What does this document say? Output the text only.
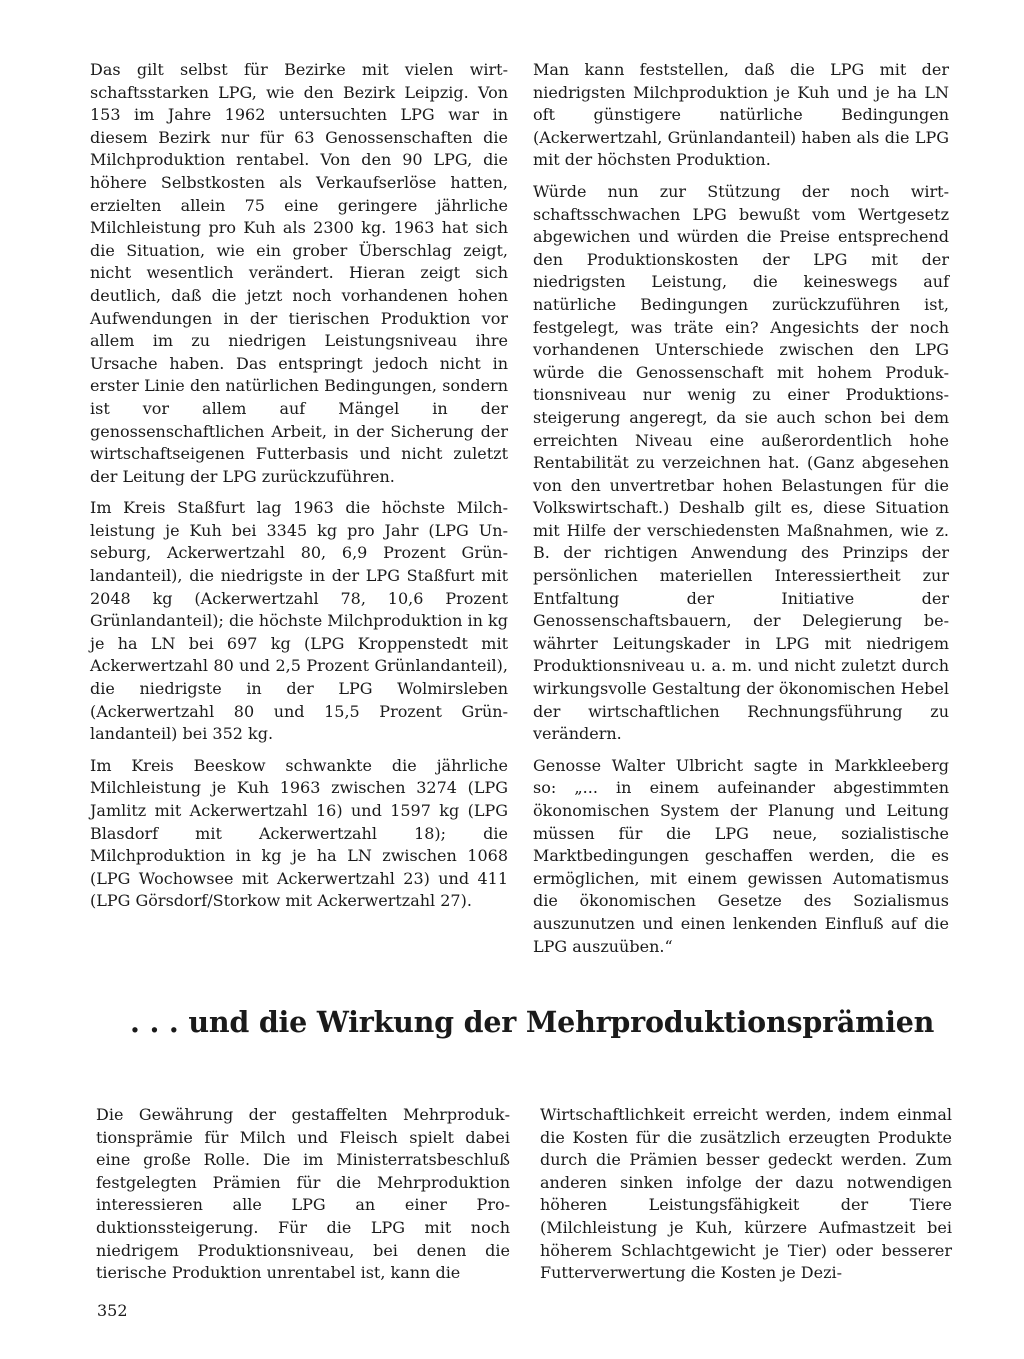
Das gilt selbst für Bezirke mit vielen wirtschaftsstarken LPG, wie den Bezirk Leipzig. Von 153 im Jahre 1962 untersuchten LPG war in diesem Bezirk nur für 63 Genossenschaften die Milchproduktion rentabel. Von den 90 LPG, die höhere Selbstkosten als Verkaufserlöse hatten, erzielten allein 75 eine geringere jährliche Milchleistung pro Kuh als 2300 kg. 1963 hat sich die Situation, wie ein grober Überschlag zeigt, nicht wesentlich verändert. Hieran zeigt sich deutlich, daß die jetzt noch vorhandenen hohen Aufwendungen in der tierischen Produktion vor allem im zu niedrigen Leistungsniveau ihre Ursache haben. Das entspringt jedoch nicht in erster Linie den natürlichen Bedingungen, sondern ist vor allem auf Mängel in der genossenschaftlichen Arbeit, in der Sicherung der wirtschaftseigenen Futterbasis und nicht zuletzt der Leitung der LPG zurückzuführen.

Im Kreis Staßfurt lag 1963 die höchste Milchleistung je Kuh bei 3345 kg pro Jahr (LPG Unseburg, Ackerwertzahl 80, 6,9 Prozent Grünlandanteil), die niedrigste in der LPG Staßfurt mit 2048 kg (Ackerwertzahl 78, 10,6 Prozent Grünlandanteil); die höchste Milchproduktion in kg je ha LN bei 697 kg (LPG Kroppenstedt mit Ackerwertzahl 80 und 2,5 Prozent Grünlandanteil), die niedrigste in der LPG Wolmirsleben (Ackerwertzahl 80 und 15,5 Prozent Grünlandanteil) bei 352 kg.

Im Kreis Beeskow schwankte die jährliche Milchleistung je Kuh 1963 zwischen 3274 (LPG Jamlitz mit Ackerwertzahl 16) und 1597 kg (LPG Blasdorf mit Ackerwertzahl 18); die Milchproduktion in kg je ha LN zwischen 1068 (LPG Wochowsee mit Ackerwertzahl 23) und 411 (LPG Görsdorf/Storkow mit Ackerwertzahl 27).

Man kann feststellen, daß die LPG mit der niedrigsten Milchproduktion je Kuh und je ha LN oft günstigere natürliche Bedingungen (Ackerwertzahl, Grünlandanteil) haben als die LPG mit der höchsten Produktion.

Würde nun zur Stützung der noch wirtschaftsschwachen LPG bewußt vom Wertgesetz abgewichen und würden die Preise entsprechend den Produktionskosten der LPG mit der niedrigsten Leistung, die keineswegs auf natürliche Bedingungen zurückzuführen ist, festgelegt, was träte ein? Angesichts der noch vorhandenen Unterschiede zwischen den LPG würde die Genossenschaft mit hohem Produktionsniveau nur wenig zu einer Produktionssteigerung angeregt, da sie auch schon bei dem erreichten Niveau eine außerordentlich hohe Rentabilität zu verzeichnen hat. (Ganz abgesehen von den unvertretbar hohen Belastungen für die Volkswirtschaft.) Deshalb gilt es, diese Situation mit Hilfe der verschiedensten Maßnahmen, wie z. B. der richtigen Anwendung des Prinzips der persönlichen materiellen Interessiertheit zur Entfaltung der Initiative der Genossenschaftsbauern, der Delegierung bewährter Leitungskader in LPG mit niedrigem Produktionsniveau u. a. m. und nicht zuletzt durch wirkungsvolle Gestaltung der ökonomischen Hebel der wirtschaftlichen Rechnungsführung zu verändern.

Genosse Walter Ulbricht sagte in Markkleeberg so: „... in einem aufeinander abgestimmten ökonomischen System der Planung und Leitung müssen für die LPG neue, sozialistische Marktbedingungen geschaffen werden, die es ermöglichen, mit einem gewissen Automatismus die ökonomischen Gesetze des Sozialismus auszunutzen und einen lenkenden Einfluß auf die LPG auszuüben.“

. . . und die Wirkung der Mehrproduktionsprämien

Die Gewährung der gestaffelten Mehrproduktionsprämie für Milch und Fleisch spielt dabei eine große Rolle. Die im Ministerratsbeschluß festgelegten Prämien für die Mehrproduktion interessieren alle LPG an einer Produktionssteigerung. Für die LPG mit noch niedrigem Produktionsniveau, bei denen die tierische Produktion unrentabel ist, kann die

Wirtschaftlichkeit erreicht werden, indem einmal die Kosten für die zusätzlich erzeugten Produkte durch die Prämien besser gedeckt werden. Zum anderen sinken infolge der dazu notwendigen höheren Leistungsfähigkeit der Tiere (Milchleistung je Kuh, kürzere Aufmastzeit bei höherem Schlachtgewicht je Tier) oder besserer Futterverwertung die Kosten je Dezi-

352
